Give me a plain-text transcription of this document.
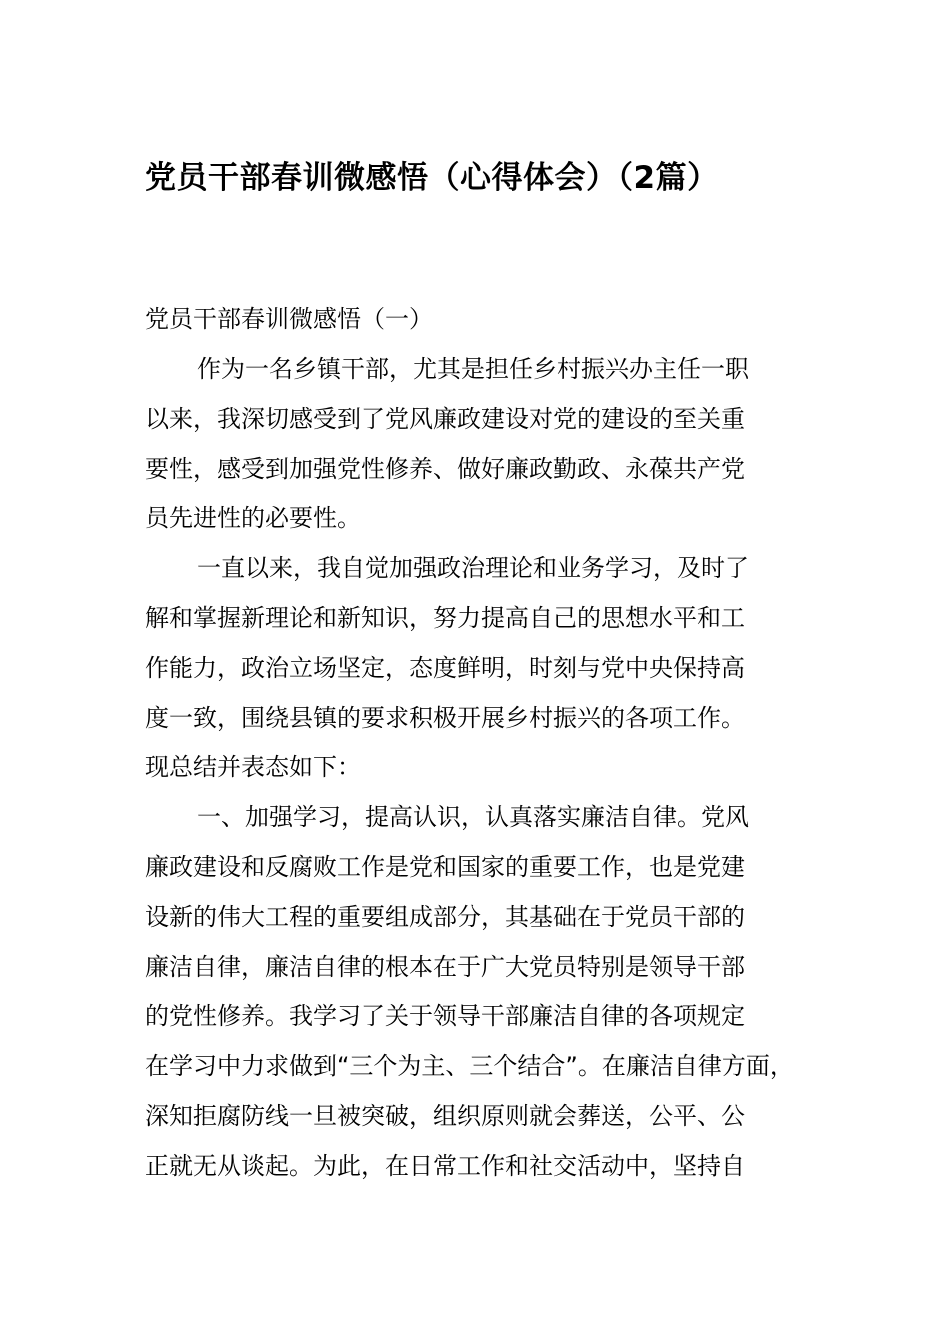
党员干部春训微感悟（心得体会）（2篇）

党员干部春训微感悟（一）

作为一名乡镇干部，尤其是担任乡村振兴办主任一职

以来，我深切感受到了党风廉政建设对党的建设的至关重

要性，感受到加强党性修养、做好廉政勤政、永葆共产党

员先进性的必要性。

一直以来，我自觉加强政治理论和业务学习，及时了

解和掌握新理论和新知识，努力提高自己的思想水平和工

作能力，政治立场坚定，态度鲜明，时刻与党中央保持高

度一致，围绕县镇的要求积极开展乡村振兴的各项工作。

现总结并表态如下：

一、加强学习，提高认识，认真落实廉洁自律。党风

廉政建设和反腐败工作是党和国家的重要工作，也是党建

设新的伟大工程的重要组成部分，其基础在于党员干部的

廉洁自律，廉洁自律的根本在于广大党员特别是领导干部

的党性修养。我学习了关于领导干部廉洁自律的各项规定

在学习中力求做到“三个为主、三个结合”。在廉洁自律方面，

深知拒腐防线一旦被突破，组织原则就会葬送，公平、公

正就无从谈起。为此，在日常工作和社交活动中，坚持自
